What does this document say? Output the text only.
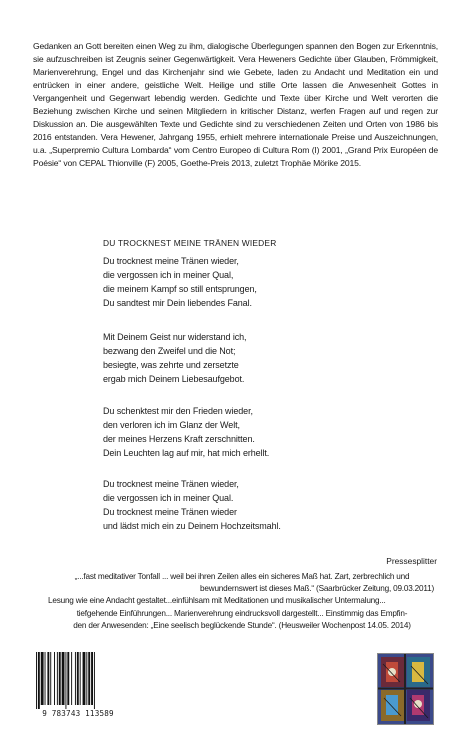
Gedanken an Gott bereiten einen Weg zu ihm, dialogische Überlegungen spannen den Bogen zur Erkenntnis, sie aufzuschreiben ist Zeugnis seiner Gegenwärtigkeit. Vera Heweners Gedichte über Glauben, Frömmigkeit, Marienverehrung, Engel und das Kirchenjahr sind wie Gebete, laden zu Andacht und Meditation ein und entrücken in einer andere, geistliche Welt. Heilige und stille Orte lassen die Anwesenheit Gottes in Vergangenheit und Gegenwart lebendig werden. Gedichte und Texte über Kirche und Welt verorten die Beziehung zwischen Kirche und seinen Mitgliedern in kritischer Distanz, werfen Fragen auf und regen zur Diskussion an. Die ausgewählten Texte und Gedichte sind zu verschiedenen Zeiten und Orten von 1986 bis 2016 entstanden. Vera Hewener, Jahrgang 1955, erhielt mehrere internationale Preise und Auszeichnungen, u.a. „Superpremio Cultura Lombarda“ vom Centro Europeo di Cultura Rom (I) 2001, „Grand Prix Européen de Poésie“ von CEPAL Thionville (F) 2005, Goethe-Preis 2013, zuletzt Trophäe Mörike 2015.
DU TROCKNEST MEINE TRÄNEN WIEDER
Du trocknest meine Tränen wieder,
die vergossen ich in meiner Qual,
die meinem Kampf so still entsprungen,
Du sandtest mir Dein liebendes Fanal.
Mit Deinem Geist nur widerstand ich,
bezwang den Zweifel und die Not;
besiegte, was zehrte und zersetzte
ergab mich Deinem Liebesaufgebot.
Du schenktest mir den Frieden wieder,
den verloren ich im Glanz der Welt,
der meines Herzens Kraft zerschnitten.
Dein Leuchten lag auf mir, hat mich erhellt.
Du trocknest meine Tränen wieder,
die vergossen ich in meiner Qual.
Du trocknest meine Tränen wieder
und lädst mich ein zu Deinem Hochzeitsmahl.
Pressesplitter
„...fast meditativer Tonfall ... weil bei ihren Zeilen alles ein sicheres Maß hat. Zart, zerbrechlich und
bewundernswert ist dieses Maß.“ (Saarbrücker Zeitung, 09.03.2011)
Lesung wie eine Andacht gestaltet...einfühlsam mit Meditationen und musikalischer Untermalung...
tiefgehende Einführungen... Marienverehrung eindrucksvoll dargestellt... Einstimmig das Empfin-
den der Anwesenden: „Eine seelisch beglückende Stunde“. (Heusweiler Wochenpost 14.05. 2014)
9 783743 113589
